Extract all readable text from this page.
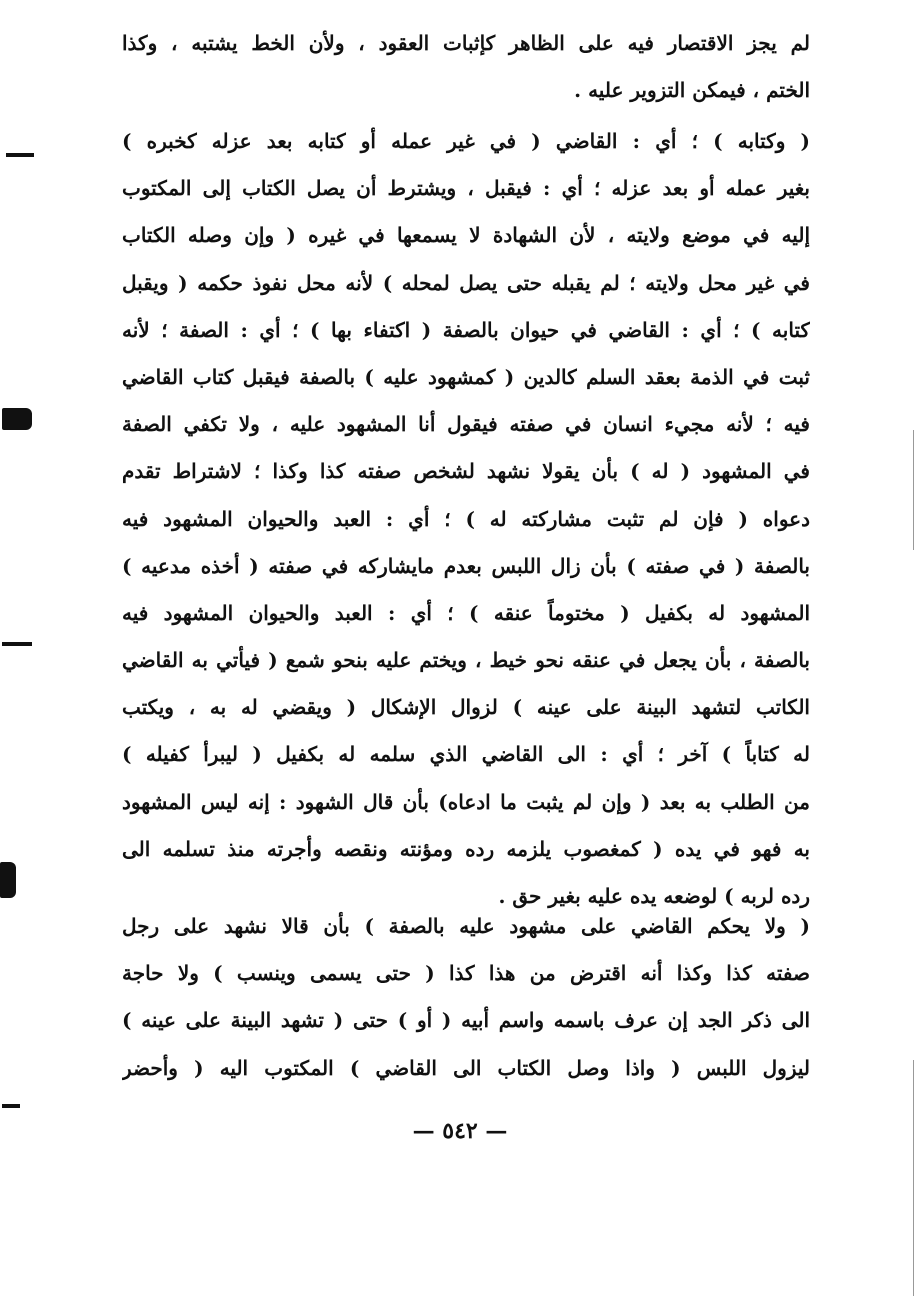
لم يجز الاقتصار فيه على الظاهر كإثبات العقود ، ولأن الخط يشتبه ، وكذا
الختم ، فيمكن التزوير عليه .
( وكتابه ) ؛ أي : القاضي ( في غير عمله أو كتابه بعد عزله كخبره )
بغير عمله أو بعد عزله ؛ أي : فيقبل ، ويشترط أن يصل الكتاب إلى المكتوب
إليه في موضع ولايته ، لأن الشهادة لا يسمعها في غيره ( وإن وصله الكتاب
في غير محل ولايته ؛ لم يقبله حتى يصل لمحله ) لأنه محل نفوذ حكمه ( ويقبل
كتابه ) ؛ أي : القاضي في حيوان بالصفة ( اكتفاء بها ) ؛ أي : الصفة ؛ لأنه
ثبت في الذمة بعقد السلم كالدين ( كمشهود عليه ) بالصفة فيقبل كتاب القاضي
فيه ؛ لأنه مجيء انسان في صفته فيقول أنا المشهود عليه ، ولا تكفي الصفة
في المشهود ( له ) بأن يقولا نشهد لشخص صفته كذا وكذا ؛ لاشتراط تقدم
دعواه ( فإن لم تثبت مشاركته له ) ؛ أي : العبد والحيوان المشهود فيه
بالصفة ( في صفته ) بأن زال اللبس بعدم مايشاركه في صفته ( أخذه مدعيه )
المشهود له بكفيل ( مختوماً عنقه ) ؛ أي : العبد والحيوان المشهود فيه
بالصفة ، بأن يجعل في عنقه نحو خيط ، ويختم عليه بنحو شمع ( فيأتي به القاضي
الكاتب لتشهد البينة على عينه ) لزوال الإشكال ( ويقضي له به ، ويكتب
له كتاباً ) آخر ؛ أي : الى القاضي الذي سلمه له بكفيل ( ليبرأ كفيله )
من الطلب به بعد ( وإن لم يثبت ما ادعاه) بأن قال الشهود : إنه ليس المشهود
به فهو في يده ( كمغصوب يلزمه رده ومؤنته ونقصه وأجرته منذ تسلمه الى
رده لربه ) لوضعه يده عليه بغير حق .
( ولا يحكم القاضي على مشهود عليه بالصفة ) بأن قالا نشهد على رجل
صفته كذا وكذا أنه اقترض من هذا كذا ( حتى يسمى وينسب ) ولا حاجة
الى ذكر الجد إن عرف باسمه واسم أبيه ( أو ) حتى ( تشهد البينة على عينه )
ليزول اللبس ( واذا وصل الكتاب الى القاضي ) المكتوب اليه ( وأحضر
— ٥٤٢ —
